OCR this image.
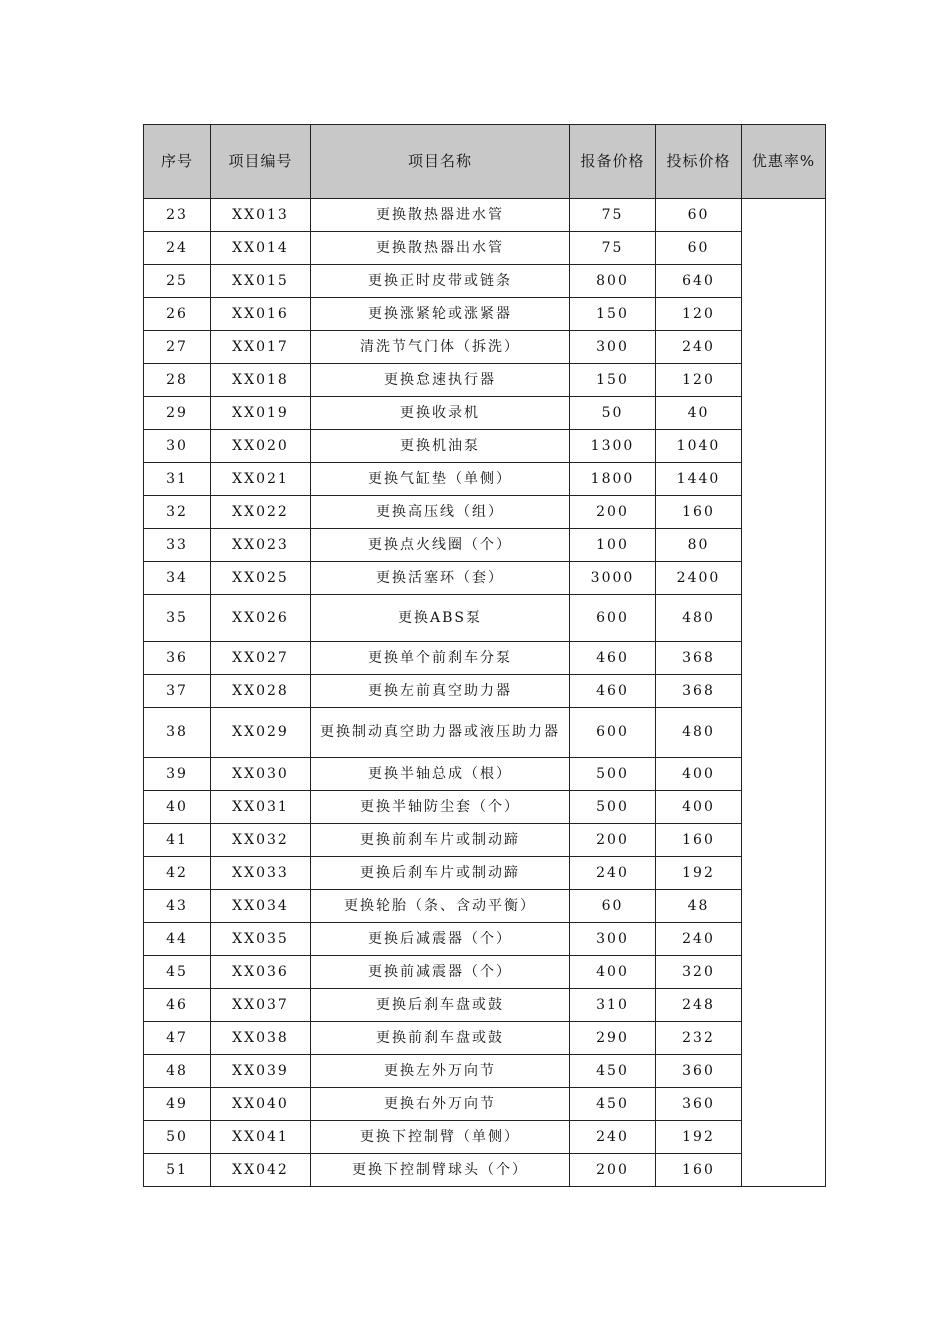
序号	项目编号	项目名称	报备价格	投标价格	优惠率%
23	XX013	更换散热器进水管	75	60	
24	XX014	更换散热器出水管	75	60	
25	XX015	更换正时皮带或链条	800	640	
26	XX016	更换涨紧轮或涨紧器	150	120	
27	XX017	清洗节气门体（拆洗）	300	240	
28	XX018	更换怠速执行器	150	120	
29	XX019	更换收录机	50	40	
30	XX020	更换机油泵	1300	1040	
31	XX021	更换气缸垫（单侧）	1800	1440	
32	XX022	更换高压线（组）	200	160	
33	XX023	更换点火线圈（个）	100	80	
34	XX025	更换活塞环（套）	3000	2400	
35	XX026	更换ABS泵	600	480	
36	XX027	更换单个前刹车分泵	460	368	
37	XX028	更换左前真空助力器	460	368	
38	XX029	更换制动真空助力器或液压助力器	600	480	
39	XX030	更换半轴总成（根）	500	400	
40	XX031	更换半轴防尘套（个）	500	400	
41	XX032	更换前刹车片或制动蹄	200	160	
42	XX033	更换后刹车片或制动蹄	240	192	
43	XX034	更换轮胎（条、含动平衡）	60	48	
44	XX035	更换后减震器（个）	300	240	
45	XX036	更换前减震器（个）	400	320	
46	XX037	更换后刹车盘或鼓	310	248	
47	XX038	更换前刹车盘或鼓	290	232	
48	XX039	更换左外万向节	450	360	
49	XX040	更换右外万向节	450	360	
50	XX041	更换下控制臂（单侧）	240	192	
51	XX042	更换下控制臂球头（个）	200	160	
